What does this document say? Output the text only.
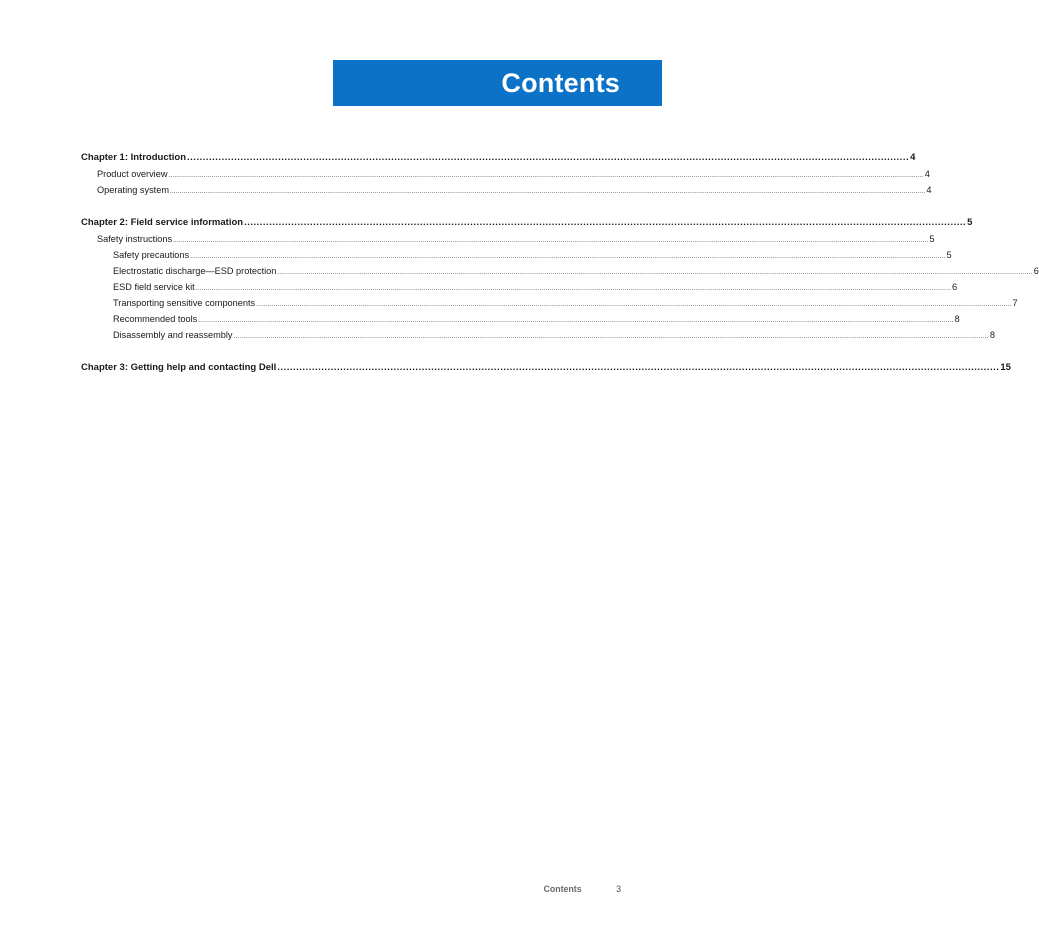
Contents
Chapter 1: Introduction ...................................................................................................................................................................................................................................... 4
Product overview ................................................................................................................................................................................................................................................................................................................................................................................................ 4
Operating system ................................................................................................................................................................................................................................................................................................................................................................................................ 4
Chapter 2: Field service information ...................................................................................................................................................................................................................................... 5
Safety instructions ................................................................................................................................................................................................................................................................................................................................................................................................ 5
Safety precautions ................................................................................................................................................................................................................................................................................................................................................................................................ 5
Electrostatic discharge—ESD protection ................................................................................................................................................................................................................................................................................................................................................................................................ 6
ESD field service kit ................................................................................................................................................................................................................................................................................................................................................................................................ 6
Transporting sensitive components ................................................................................................................................................................................................................................................................................................................................................................................................ 7
Recommended tools ................................................................................................................................................................................................................................................................................................................................................................................................ 8
Disassembly and reassembly ................................................................................................................................................................................................................................................................................................................................................................................................ 8
Chapter 3: Getting help and contacting Dell ...................................................................................................................................................................................................................................... 15
Contents	3
